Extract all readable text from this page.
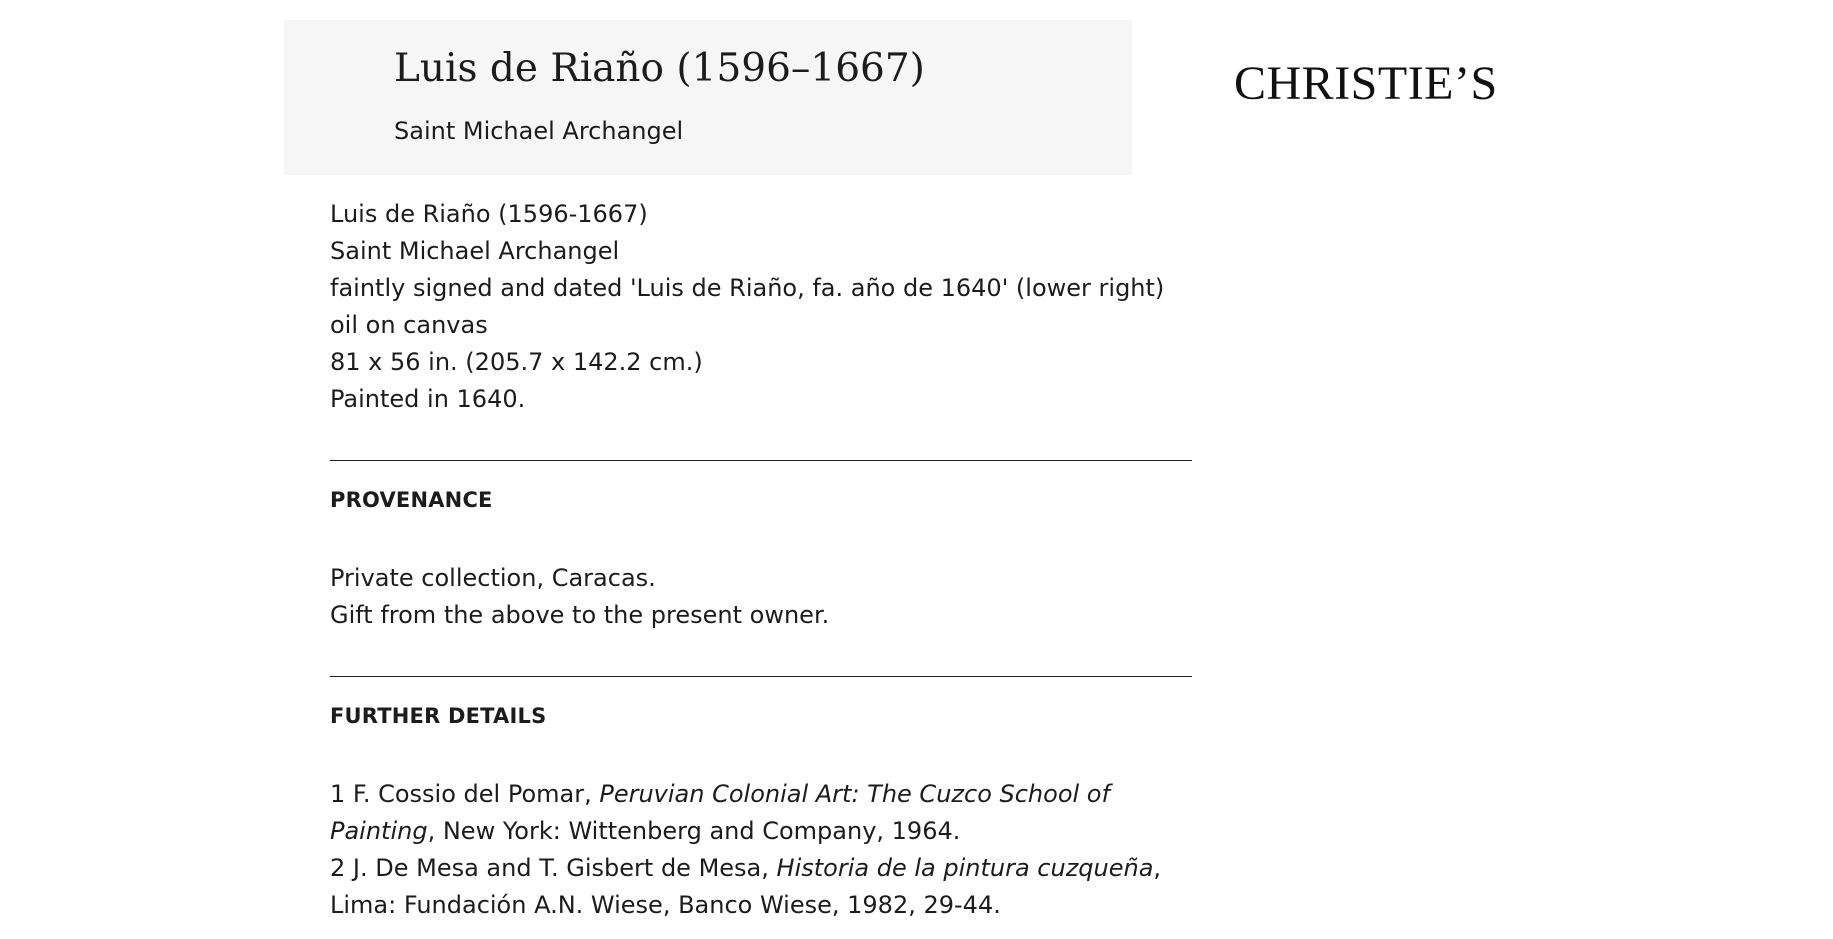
Luis de Riaño (1596–1667)

Saint Michael Archangel

CHRISTIE’S
Luis de Riaño (1596-1667)
Saint Michael Archangel
faintly signed and dated 'Luis de Riaño, fa. año de 1640' (lower right)
oil on canvas
81 x 56 in. (205.7 x 142.2 cm.)
Painted in 1640.
PROVENANCE
Private collection, Caracas.
Gift from the above to the present owner.
FURTHER DETAILS
1 F. Cossio del Pomar, Peruvian Colonial Art: The Cuzco School of
Painting, New York: Wittenberg and Company, 1964.
2 J. De Mesa and T. Gisbert de Mesa, Historia de la pintura cuzqueña,
Lima: Fundación A.N. Wiese, Banco Wiese, 1982, 29-44.
